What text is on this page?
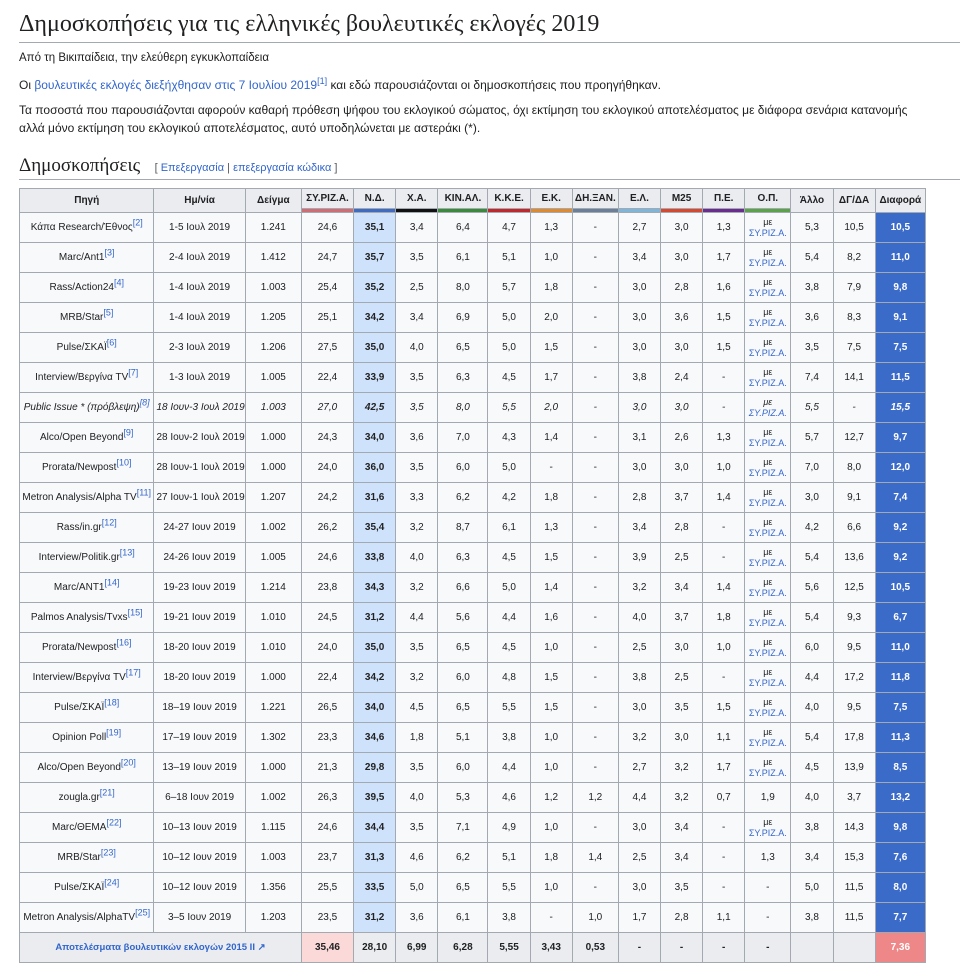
Δημοσκοπήσεις για τις ελληνικές βουλευτικές εκλογές 2019
Από τη Βικιπαίδεια, την ελεύθερη εγκυκλοπαίδεια

Οι βουλευτικές εκλογές διεξήχθησαν στις 7 Ιουλίου 2019[1] και εδώ παρουσιάζονται οι δημοσκοπήσεις που προηγήθηκαν.

Τα ποσοστά που παρουσιάζονται αφορούν καθαρή πρόθεση ψήφου του εκλογικού σώματος, όχι εκτίμηση του εκλογικού αποτελέσματος με διάφορα σενάρια κατανομής
αλλά μόνο εκτίμηση του εκλογικού αποτελέσματος, αυτό υποδηλώνεται με αστεράκι (*).

Δημοσκοπήσεις [ Επεξεργασία | επεξεργασία κώδικα ]
Πηγή	Ημ/νία	Δείγμα	ΣΥ.ΡΙΖ.Α.	Ν.Δ.	Χ.Α.	ΚΙΝ.ΑΛ.	Κ.Κ.Ε.	Ε.Κ.	ΔΗ.ΞΑΝ.	Ε.Λ.	Μ25	Π.Ε.	Ο.Π.	Άλλο	ΔΓ/ΔΑ	Διαφορά

Κάπα Research/Έθνος[2]	1-5 Ιουλ 2019	1.241	24,6	35,1	3,4	6,4	4,7	1,3	-	2,7	3,0	1,3	με
ΣΥ.ΡΙΖ.Α.	5,3	10,5	10,5
Marc/Ant1[3]	2-4 Ιουλ 2019	1.412	24,7	35,7	3,5	6,1	5,1	1,0	-	3,4	3,0	1,7	με
ΣΥ.ΡΙΖ.Α.	5,4	8,2	11,0
Rass/Action24[4]	1-4 Ιουλ 2019	1.003	25,4	35,2	2,5	8,0	5,7	1,8	-	3,0	2,8	1,6	με
ΣΥ.ΡΙΖ.Α.	3,8	7,9	9,8
MRB/Star[5]	1-4 Ιουλ 2019	1.205	25,1	34,2	3,4	6,9	5,0	2,0	-	3,0	3,6	1,5	με
ΣΥ.ΡΙΖ.Α.	3,6	8,3	9,1
Pulse/ΣΚΑΪ[6]	2-3 Ιουλ 2019	1.206	27,5	35,0	4,0	6,5	5,0	1,5	-	3,0	3,0	1,5	με
ΣΥ.ΡΙΖ.Α.	3,5	7,5	7,5
Interview/Βεργίνα TV[7]	1-3 Ιουλ 2019	1.005	22,4	33,9	3,5	6,3	4,5	1,7	-	3,8	2,4	-	με
ΣΥ.ΡΙΖ.Α.	7,4	14,1	11,5
Public Issue * (πρόβλεψη)[8]	18 Ιουν-3 Ιουλ 2019	1.003	27,0	42,5	3,5	8,0	5,5	2,0	-	3,0	3,0	-	με
ΣΥ.ΡΙΖ.Α.	5,5	-	15,5
Alco/Open Beyond[9]	28 Ιουν-2 Ιουλ 2019	1.000	24,3	34,0	3,6	7,0	4,3	1,4	-	3,1	2,6	1,3	με
ΣΥ.ΡΙΖ.Α.	5,7	12,7	9,7
Prorata/Newpost[10]	28 Ιουν-1 Ιουλ 2019	1.000	24,0	36,0	3,5	6,0	5,0	-	-	3,0	3,0	1,0	με
ΣΥ.ΡΙΖ.Α.	7,0	8,0	12,0
Metron Analysis/Alpha TV[11]	27 Ιουν-1 Ιουλ 2019	1.207	24,2	31,6	3,3	6,2	4,2	1,8	-	2,8	3,7	1,4	με
ΣΥ.ΡΙΖ.Α.	3,0	9,1	7,4
Rass/in.gr[12]	24-27 Ιουν 2019	1.002	26,2	35,4	3,2	8,7	6,1	1,3	-	3,4	2,8	-	με
ΣΥ.ΡΙΖ.Α.	4,2	6,6	9,2
Interview/Politik.gr[13]	24-26 Ιουν 2019	1.005	24,6	33,8	4,0	6,3	4,5	1,5	-	3,9	2,5	-	με
ΣΥ.ΡΙΖ.Α.	5,4	13,6	9,2
Marc/ANT1[14]	19-23 Ιουν 2019	1.214	23,8	34,3	3,2	6,6	5,0	1,4	-	3,2	3,4	1,4	με
ΣΥ.ΡΙΖ.Α.	5,6	12,5	10,5
Palmos Analysis/Tvxs[15]	19-21 Ιουν 2019	1.010	24,5	31,2	4,4	5,6	4,4	1,6	-	4,0	3,7	1,8	με
ΣΥ.ΡΙΖ.Α.	5,4	9,3	6,7
Prorata/Newpost[16]	18-20 Ιουν 2019	1.010	24,0	35,0	3,5	6,5	4,5	1,0	-	2,5	3,0	1,0	με
ΣΥ.ΡΙΖ.Α.	6,0	9,5	11,0
Interview/Βεργίνα TV[17]	18-20 Ιουν 2019	1.000	22,4	34,2	3,2	6,0	4,8	1,5	-	3,8	2,5	-	με
ΣΥ.ΡΙΖ.Α.	4,4	17,2	11,8
Pulse/ΣΚΑΪ[18]	18–19 Ιουν 2019	1.221	26,5	34,0	4,5	6,5	5,5	1,5	-	3,0	3,5	1,5	με
ΣΥ.ΡΙΖ.Α.	4,0	9,5	7,5
Opinion Poll[19]	17–19 Ιουν 2019	1.302	23,3	34,6	1,8	5,1	3,8	1,0	-	3,2	3,0	1,1	με
ΣΥ.ΡΙΖ.Α.	5,4	17,8	11,3
Alco/Open Beyond[20]	13–19 Ιουν 2019	1.000	21,3	29,8	3,5	6,0	4,4	1,0	-	2,7	3,2	1,7	με
ΣΥ.ΡΙΖ.Α.	4,5	13,9	8,5
zougla.gr[21]	6–18 Ιουν 2019	1.002	26,3	39,5	4,0	5,3	4,6	1,2	1,2	4,4	3,2	0,7	1,9	4,0	3,7	13,2
Marc/ΘΕΜΑ[22]	10–13 Ιουν 2019	1.115	24,6	34,4	3,5	7,1	4,9	1,0	-	3,0	3,4	-	με
ΣΥ.ΡΙΖ.Α.	3,8	14,3	9,8
MRB/Star[23]	10–12 Ιουν 2019	1.003	23,7	31,3	4,6	6,2	5,1	1,8	1,4	2,5	3,4	-	1,3	3,4	15,3	7,6
Pulse/ΣΚΑΪ[24]	10–12 Ιουν 2019	1.356	25,5	33,5	5,0	6,5	5,5	1,0	-	3,0	3,5	-	-	5,0	11,5	8,0
Metron Analysis/AlphaTV[25]	3–5 Ιουν 2019	1.203	23,5	31,2	3,6	6,1	3,8	-	1,0	1,7	2,8	1,1	-	3,8	11,5	7,7
Αποτελέσματα βουλευτικών εκλογών 2015 II ↗			35,46	28,10	6,99	6,28	5,55	3,43	0,53	-	-	-	-			7,36
